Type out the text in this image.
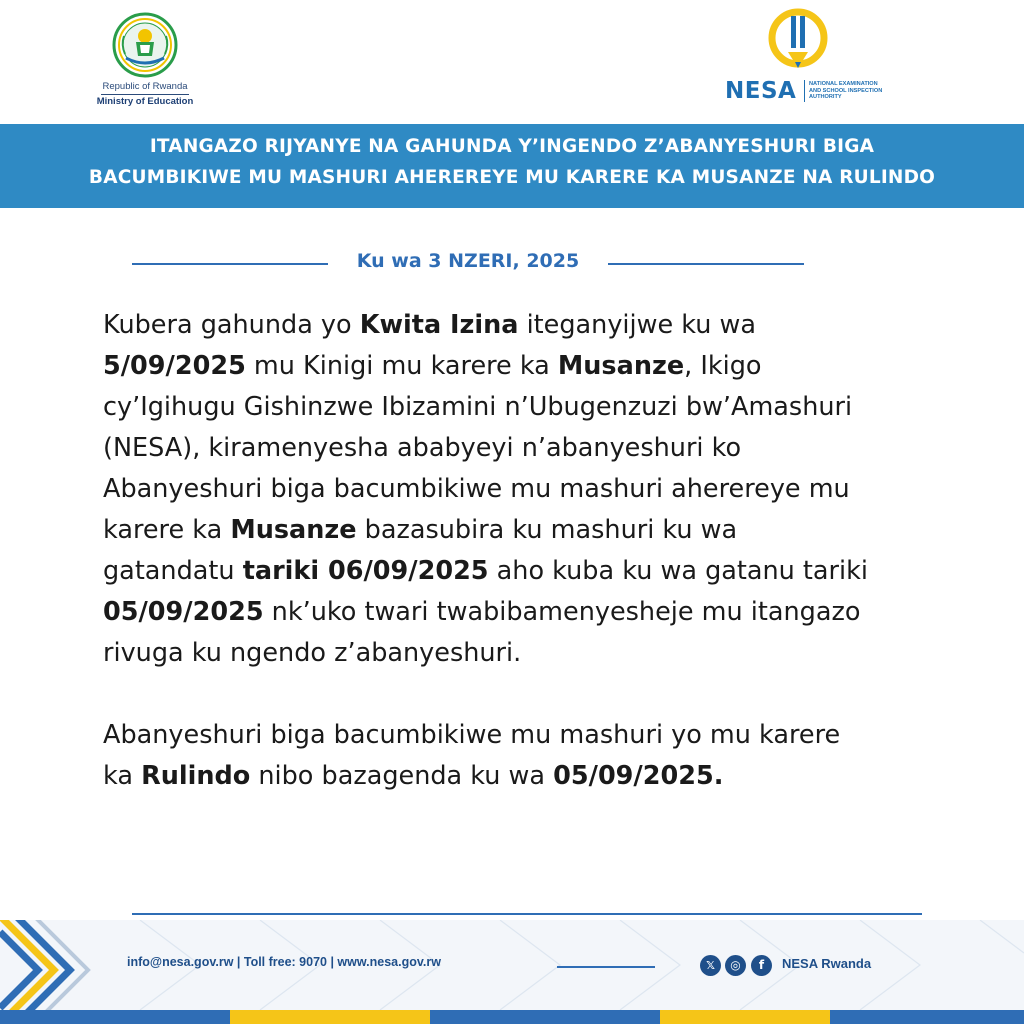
Republic of Rwanda
Ministry of Education	NESA NATIONAL EXAMINATION
AND SCHOOL INSPECTION
AUTHORITY
ITANGAZO RIJYANYE NA GAHUNDA Y’INGENDO Z’ABANYESHURI BIGA
BACUMBIKIWE MU MASHURI AHEREREYE MU KARERE KA MUSANZE NA RULINDO
Ku wa 3 NZERI, 2025
Kubera gahunda yo Kwita Izina iteganyijwe ku wa
5/09/2025 mu Kinigi mu karere ka Musanze, Ikigo
cy’Igihugu Gishinzwe Ibizamini n’Ubugenzuzi bw’Amashuri
(NESA), kiramenyesha ababyeyi n’abanyeshuri ko
Abanyeshuri biga bacumbikiwe mu mashuri aherereye mu
karere ka Musanze bazasubira ku mashuri ku wa
gatandatu tariki 06/09/2025 aho kuba ku wa gatanu tariki
05/09/2025 nk’uko twari twabibamenyesheje mu itangazo
rivuga ku ngendo z’abanyeshuri.
Abanyeshuri biga bacumbikiwe mu mashuri yo mu karere
ka Rulindo nibo bazagenda ku wa 05/09/2025.
info@nesa.gov.rw | Toll free: 9070 | www.nesa.gov.rw	𝕏	◎	f	NESA Rwanda
